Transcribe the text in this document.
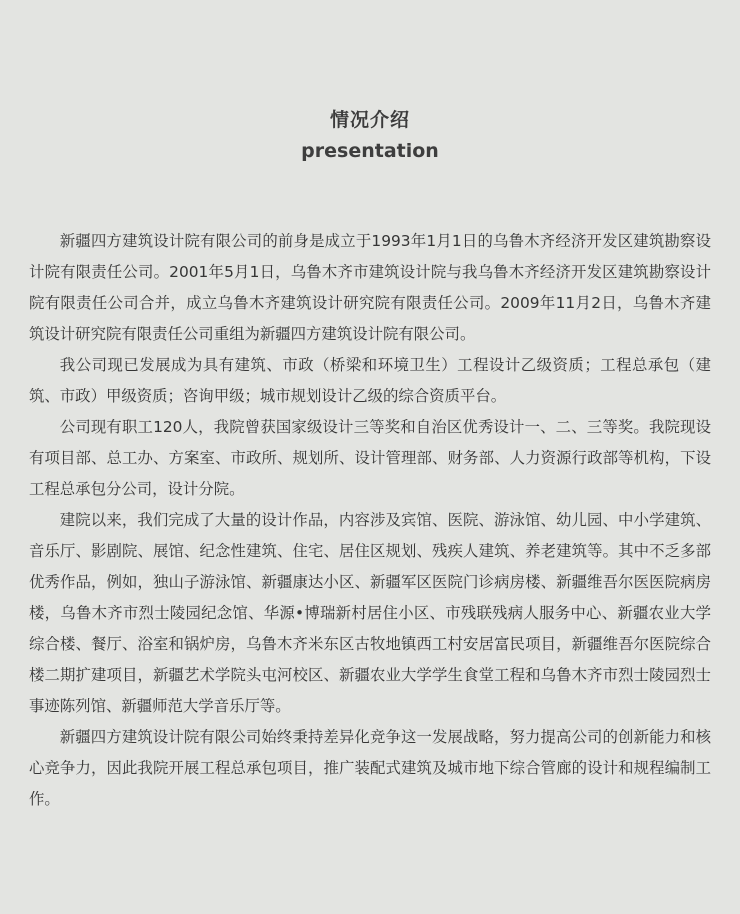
情况介绍
presentation

新疆四方建筑设计院有限公司的前身是成立于1993年1月1日的乌鲁木齐经济开发区建筑勘察设计院有限责任公司。2001年5月1日，乌鲁木齐市建筑设计院与我乌鲁木齐经济开发区建筑勘察设计院有限责任公司合并，成立乌鲁木齐建筑设计研究院有限责任公司。2009年11月2日，乌鲁木齐建筑设计研究院有限责任公司重组为新疆四方建筑设计院有限公司。

我公司现已发展成为具有建筑、市政（桥梁和环境卫生）工程设计乙级资质；工程总承包（建筑、市政）甲级资质；咨询甲级；城市规划设计乙级的综合资质平台。

公司现有职工120人，我院曾获国家级设计三等奖和自治区优秀设计一、二、三等奖。我院现设有项目部、总工办、方案室、市政所、规划所、设计管理部、财务部、人力资源行政部等机构，下设工程总承包分公司，设计分院。

建院以来，我们完成了大量的设计作品，内容涉及宾馆、医院、游泳馆、幼儿园、中小学建筑、音乐厅、影剧院、展馆、纪念性建筑、住宅、居住区规划、残疾人建筑、养老建筑等。其中不乏多部优秀作品，例如，独山子游泳馆、新疆康达小区、新疆军区医院门诊病房楼、新疆维吾尔医医院病房楼，乌鲁木齐市烈士陵园纪念馆、华源•博瑞新村居住小区、市残联残病人服务中心、新疆农业大学综合楼、餐厅、浴室和锅炉房，乌鲁木齐米东区古牧地镇西工村安居富民项目，新疆维吾尔医院综合楼二期扩建项目，新疆艺术学院头屯河校区、新疆农业大学学生食堂工程和乌鲁木齐市烈士陵园烈士事迹陈列馆、新疆师范大学音乐厅等。

新疆四方建筑设计院有限公司始终秉持差异化竞争这一发展战略，努力提高公司的创新能力和核心竞争力，因此我院开展工程总承包项目，推广装配式建筑及城市地下综合管廊的设计和规程编制工作。
